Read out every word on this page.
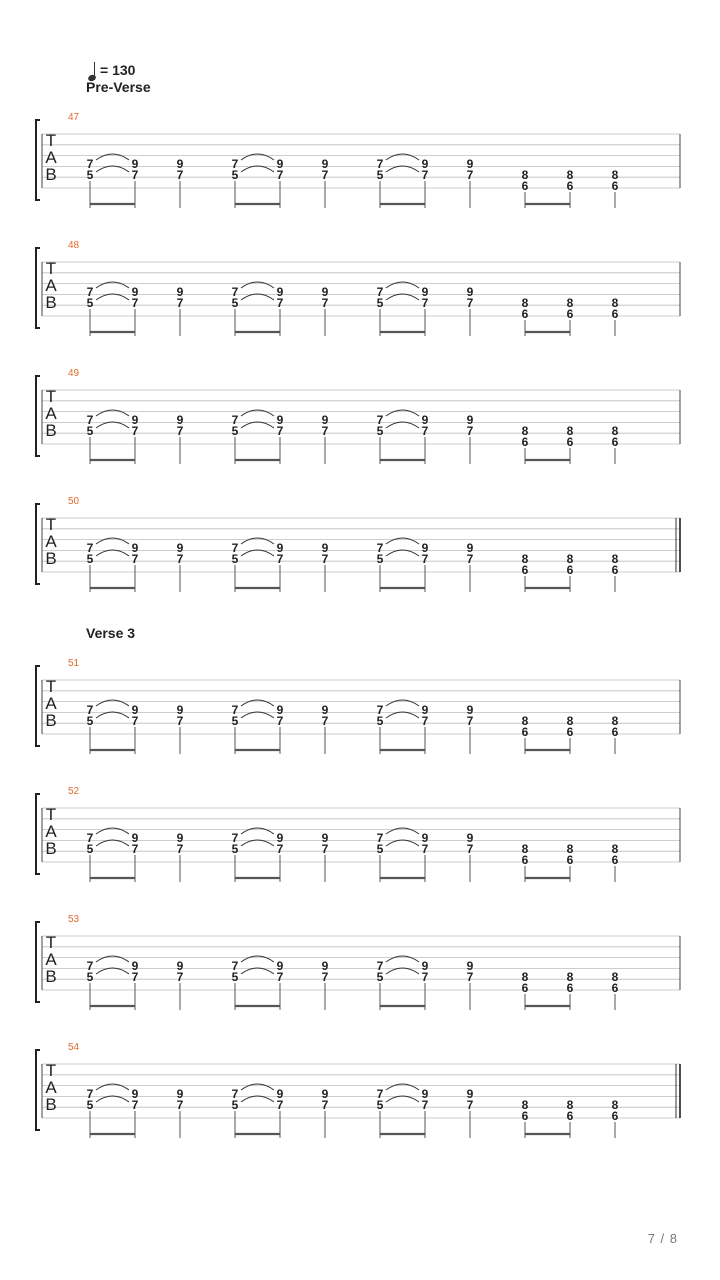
= 130
Pre-Verse
Verse 3
47
T
A
B
7
5
9
7
9
7
7
5
9
7
9
7
7
5
9
7
9
7	8
6
8
6
8
6
48
T
A
B
7
5
9
7
9
7
7
5
9
7
9
7
7
5
9
7
9
7	8
6
8
6
8
6
49
T
A
B
7
5
9
7
9
7
7
5
9
7
9
7
7
5
9
7
9
7	8
6
8
6
8
6
50
T
A
B
7
5
9
7
9
7
7
5
9
7
9
7
7
5
9
7
9
7	8
6
8
6
8
6
51
T
A
B
7
5
9
7
9
7
7
5
9
7
9
7
7
5
9
7
9
7	8
6
8
6
8
6
52
T
A
B
7
5
9
7
9
7
7
5
9
7
9
7
7
5
9
7
9
7	8
6
8
6
8
6
53
T
A
B
7
5
9
7
9
7
7
5
9
7
9
7
7
5
9
7
9
7	8
6
8
6
8
6
54
T
A
B
7
5
9
7
9
7
7
5
9
7
9
7
7
5
9
7
9
7	8
6
8
6
8
6
7 / 8
